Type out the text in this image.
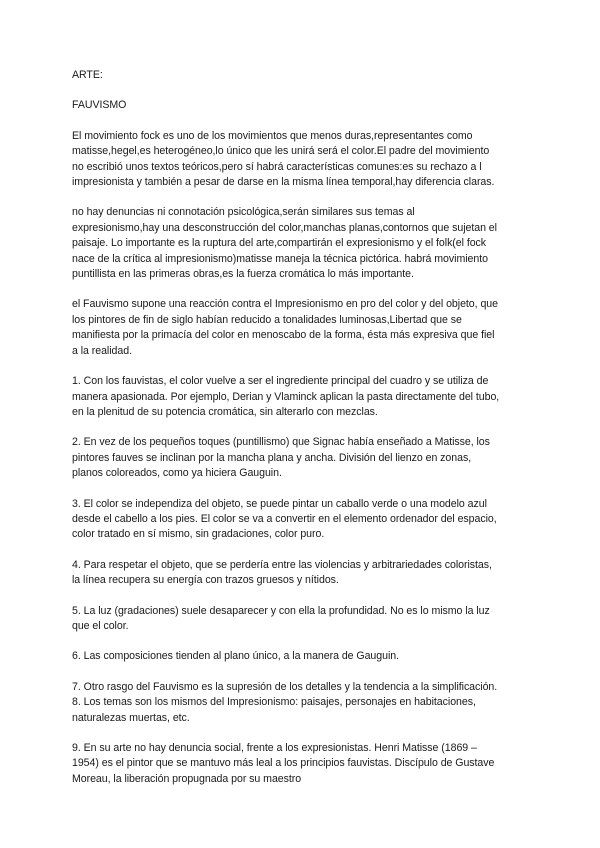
ARTE:
FAUVISMO

El movimiento fock es uno de los movimientos que menos duras,representantes como
matisse,hegel,es heterogéneo,lo único que les unirá será el color.El padre del movimiento
no escribió unos textos teóricos,pero sí habrá características comunes:es su rechazo a l
impresionista y también a pesar de darse en la misma línea temporal,hay diferencia claras.

no hay denuncias ni connotación psicológica,serán similares sus temas al
expresionismo,hay una desconstrucción del color,manchas planas,contornos que sujetan el
paisaje. Lo importante es la ruptura del arte,compartirán el expresionismo y el folk(el fock
nace de la crítica al impresionismo)matisse maneja la técnica pictórica. habrá movimiento
puntillista en las primeras obras,es la fuerza cromática lo más importante.

el Fauvismo supone una reacción contra el Impresionismo en pro del color y del objeto, que
los pintores de fin de siglo habían reducido a tonalidades luminosas,Libertad que se
manifiesta por la primacía del color en menoscabo de la forma, ésta más expresiva que fiel
a la realidad.

1. Con los fauvistas, el color vuelve a ser el ingrediente principal del cuadro y se utiliza de
manera apasionada. Por ejemplo, Derian y Vlaminck aplican la pasta directamente del tubo,
en la plenitud de su potencia cromática, sin alterarlo con mezclas.

2. En vez de los pequeños toques (puntillismo) que Signac había enseñado a Matisse, los
pintores fauves se inclinan por la mancha plana y ancha. División del lienzo en zonas,
planos coloreados, como ya hiciera Gauguin.

3. El color se independiza del objeto, se puede pintar un caballo verde o una modelo azul
desde el cabello a los pies. El color se va a convertir en el elemento ordenador del espacio,
color tratado en sí mismo, sin gradaciones, color puro.

4. Para respetar el objeto, que se perdería entre las violencias y arbitrariedades coloristas,
la línea recupera su energía con trazos gruesos y nítidos.

5. La luz (gradaciones) suele desaparecer y con ella la profundidad. No es lo mismo la luz
que el color.

6. Las composiciones tienden al plano único, a la manera de Gauguin.

7. Otro rasgo del Fauvismo es la supresión de los detalles y la tendencia a la simplificación.
8. Los temas son los mismos del Impresionismo: paisajes, personajes en habitaciones,
naturalezas muertas, etc.

9. En su arte no hay denuncia social, frente a los expresionistas. Henri Matisse (1869 –
1954) es el pintor que se mantuvo más leal a los principios fauvistas. Discípulo de Gustave
Moreau, la liberación propugnada por su maestro
